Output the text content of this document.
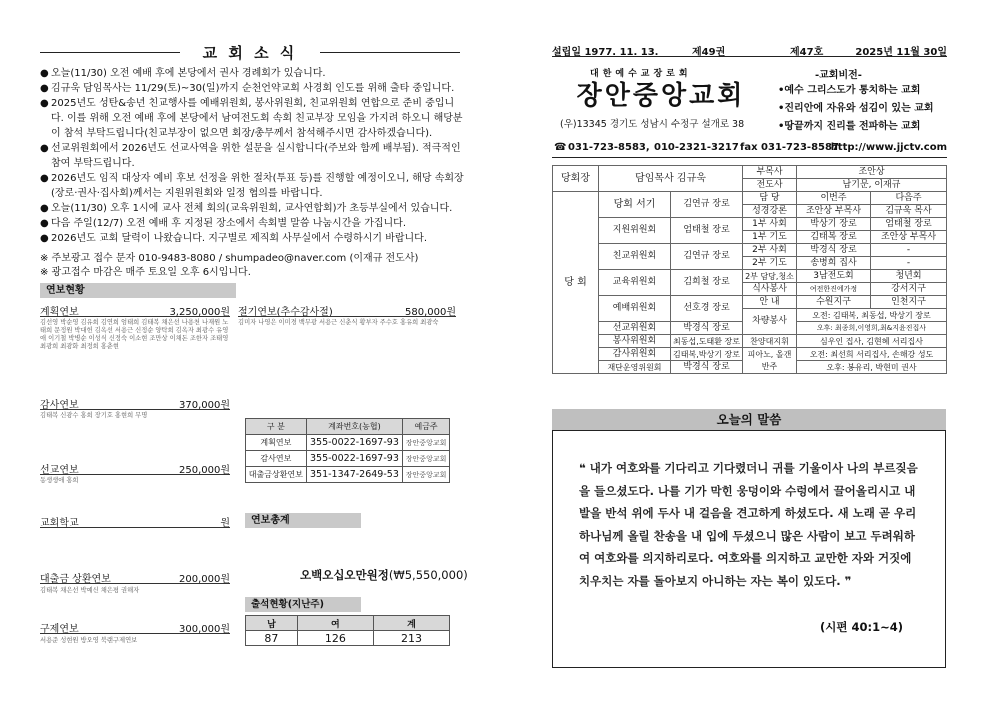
교 회 소 식
● 오늘(11/30) 오전 예배 후에 본당에서 권사 경례회가 있습니다.
● 김규욱 담임목사는 11/29(토)~30(일)까지 순천언약교회 사경회 인도를 위해 출타 중입니다.
● 2025년도 성탄&송년 친교행사를 예배위원회, 봉사위원회, 친교위원회 연합으로 준비 중입니다. 이를 위해 오전 예배 후에 본당에서 남여전도회 속회 친교부장 모임을 가지려 하오니 해당분이 참석 부탁드립니다(친교부장이 없으면 회장/총무께서 참석해주시면 감사하겠습니다).
● 선교위원회에서 2026년도 선교사역을 위한 설문을 실시합니다(주보와 함께 배부됨). 적극적인 참여 부탁드립니다.
● 2026년도 임직 대상자 예비 후보 선정을 위한 절차(투표 등)를 진행할 예정이오니, 해당 속회장(장로·권사·집사회)께서는 지원위원회와 일정 협의를 바랍니다.
● 오늘(11/30) 오후 1시에 교사 전체 회의(교육위원회, 교사연합회)가 초등부실에서 있습니다.
● 다음 주일(12/7) 오전 예배 후 지정된 장소에서 속회별 말씀 나눔시간을 가집니다.
● 2026년도 교회 달력이 나왔습니다. 지구별로 제직회 사무실에서 수령하시기 바랍니다.
※ 주보광고 접수 문자 010-9483-8080 / shumpadeo@naver.com (이재규 전도사)
※ 광고접수 마감은 매주 토요일 오후 6시입니다.
연보현황
계획연보	3,250,000원
김선영 박순영 김유희 김연희 엄태희 김태복 채은선 나용천 나재원 노태희 문정원 박대헌 김옥선 서용근 신정순 양탁희 김옥자 최광수 유영애 이기철 박병순 이성식 신정숙 이소현 조만상 이채돈 조한자 조태영 최광희 최광화 최정희 홍춘현
절기연보(추수감사절)	580,000원
김미자 나영은 이미경 백무광 서용근 신춘식 황부자 주수호 홍유희 최광숙
감사연보	370,000원
김태복 신광수 홍희 장기호 홍현희 무명
선교연보	250,000원
동생생애 홍희
교회학교	원
대출금 상환연보	200,000원
김태복 채은선 박예신 채은평 권해자
구제연보	300,000원
서용준 성현원 방오영 북랜구제연보
구 분	계좌번호(농협)	예금주
계획연보	355-0022-1697-93	장안중앙교회
감사연보	355-0022-1697-93	장안중앙교회
대출금상환연보	351-1347-2649-53	장안중앙교회
연보총계
오백오십오만원정(₩5,550,000)
출석현황(지난주)
남	여	계
87	126	213
설립일 1977. 11. 13.	제49권	제47호	2025년 11월 30일
대한예수교장로회
장안중앙교회
(우)13345 경기도 성남시 수정구 설개로 38
-교회비전-
•예수 그리스도가 통치하는 교회
•진리안에 자유와 섬김이 있는 교회
•땅끝까지 진리를 전파하는 교회
☎ 031-723-8583, 010-2321-3217 fax 031-723-8587
http://www.jjctv.com
당회장	담임목사 김규욱		부목사	조안상	
			전도사	남기문, 이재규	
당 회	당회 서기	김연규 장로	담 당	이번주	다음주
			성경강론	조안상 부목사	김규욱 목사
	지원위원회	엄태철 장로	1부 사회	박상기 장로	엄태철 장로
			1부 기도	김태복 장로	조안상 부목사
	친교위원회	김연규 장로	2부 사회	박경식 장로	-
			2부 기도	송병희 집사	-
	교육위원회	김희철 장로	2부 담당,청소	3남전도회	청년회
			식사봉사	여전한진에가정	강서지구
	예배위원회	선호경 장로	안 내	수원지구	인천지구
			차량봉사	오전: 김태복, 최동섭, 박상기 장로	
	선교위원회	박경식 장로		오후: 최종희,이영희,최&지윤진집사	

	봉사위원회	최동섭,도태환 장로			
			찬양대지휘	심우인 집사, 김현혜 서리집사	
	감사위원회	김태복,박상기 장로	피아노, 올갠 반주	오전: 최선희 서리집사, 손해강 성도	

	재단운영위원회	박경식 장로		오후: 봉유리, 박현미 권사	

오늘의 말씀
❝ 내가 여호와를 기다리고 기다렸더니 귀를 기울이사 나의 부르짖음을 들으셨도다. 나를 기가 막힌 웅덩이와 수렁에서 끌어올리시고 내 발을 반석 위에 두사 내 걸음을 견고하게 하셨도다. 새 노래 곧 우리 하나님께 올릴 찬송을 내 입에 두셨으니 많은 사람이 보고 두려워하여 여호와를 의지하리로다. 여호와를 의지하고 교만한 자와 거짓에 치우치는 자를 돌아보지 아니하는 자는 복이 있도다. ❞
(시편 40:1~4)
